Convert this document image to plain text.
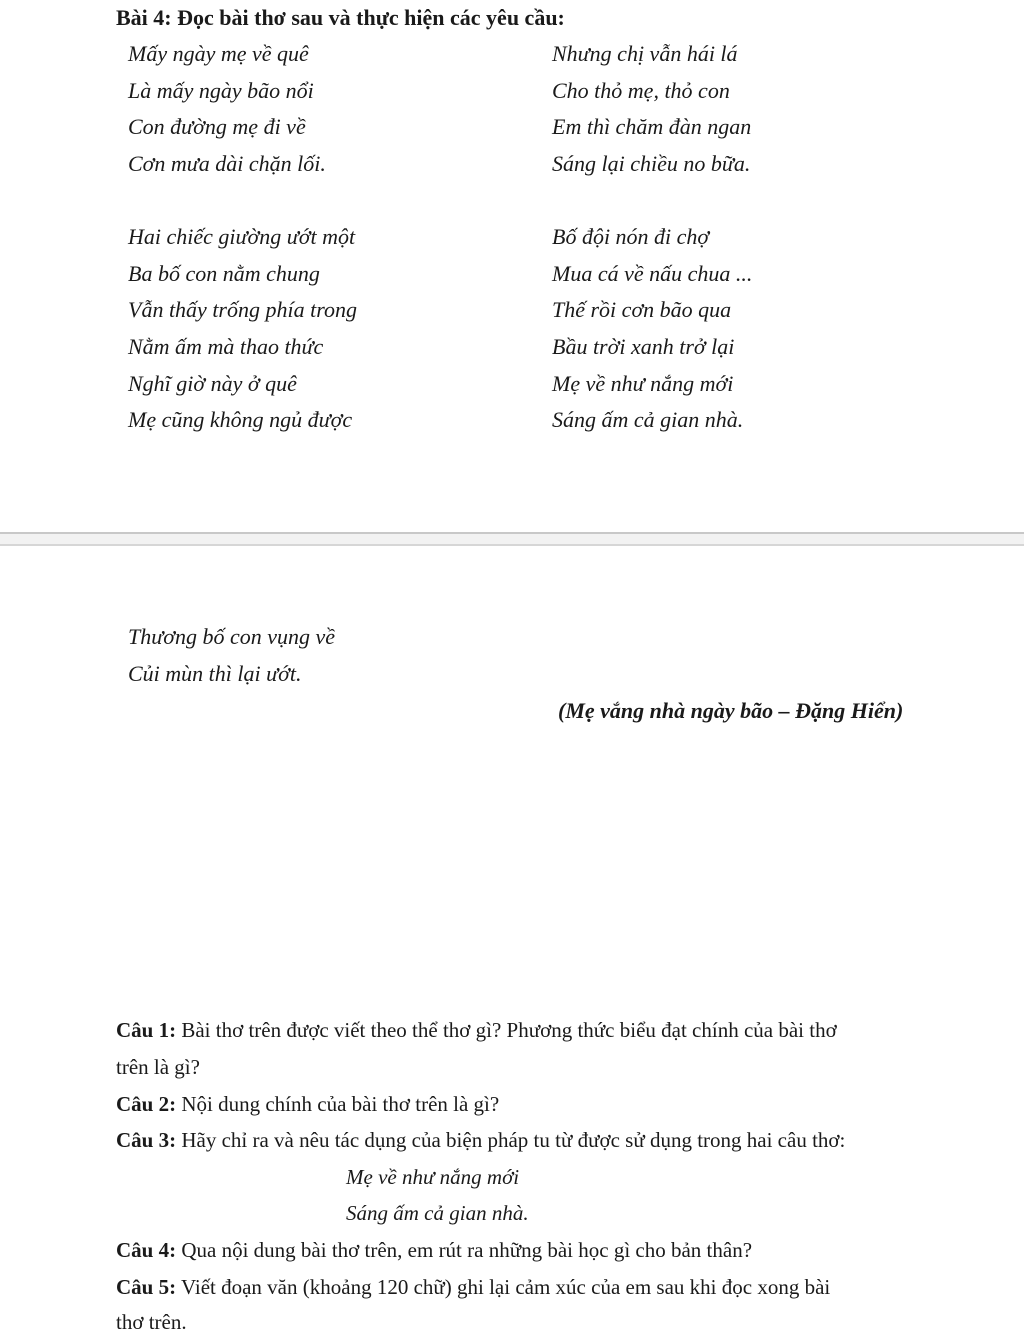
Bài 4: Đọc bài thơ sau và thực hiện các yêu cầu:
Mấy ngày mẹ về quê
Là mấy ngày bão nổi
Con đường mẹ đi về
Cơn mưa dài chặn lối.
Nhưng chị vẫn hái lá
Cho thỏ mẹ, thỏ con
Em thì chăm đàn ngan
Sáng lại chiều no bữa.
Hai chiếc giường ướt một
Ba bố con nằm chung
Vẫn thấy trống phía trong
Nằm ấm mà thao thức
Nghĩ giờ này ở quê
Mẹ cũng không ngủ được
Bố đội nón đi chợ
Mua cá về nấu chua ...
Thế rồi cơn bão qua
Bầu trời xanh trở lại
Mẹ về như nắng mới
Sáng ấm cả gian nhà.
Thương bố con vụng về
Củi mùn thì lại ướt.
(Mẹ vắng nhà ngày bão – Đặng Hiển)
Câu 1: Bài thơ trên được viết theo thể thơ gì? Phương thức biểu đạt chính của bài thơ
trên là gì?
Câu 2: Nội dung chính của bài thơ trên là gì?
Câu 3: Hãy chỉ ra và nêu tác dụng của biện pháp tu từ được sử dụng trong hai câu thơ:
Mẹ về như nắng mới
Sáng ấm cả gian nhà.
Câu 4: Qua nội dung bài thơ trên, em rút ra những bài học gì cho bản thân?
Câu 5: Viết đoạn văn (khoảng 120 chữ) ghi lại cảm xúc của em sau khi đọc xong bài
thơ trên.
